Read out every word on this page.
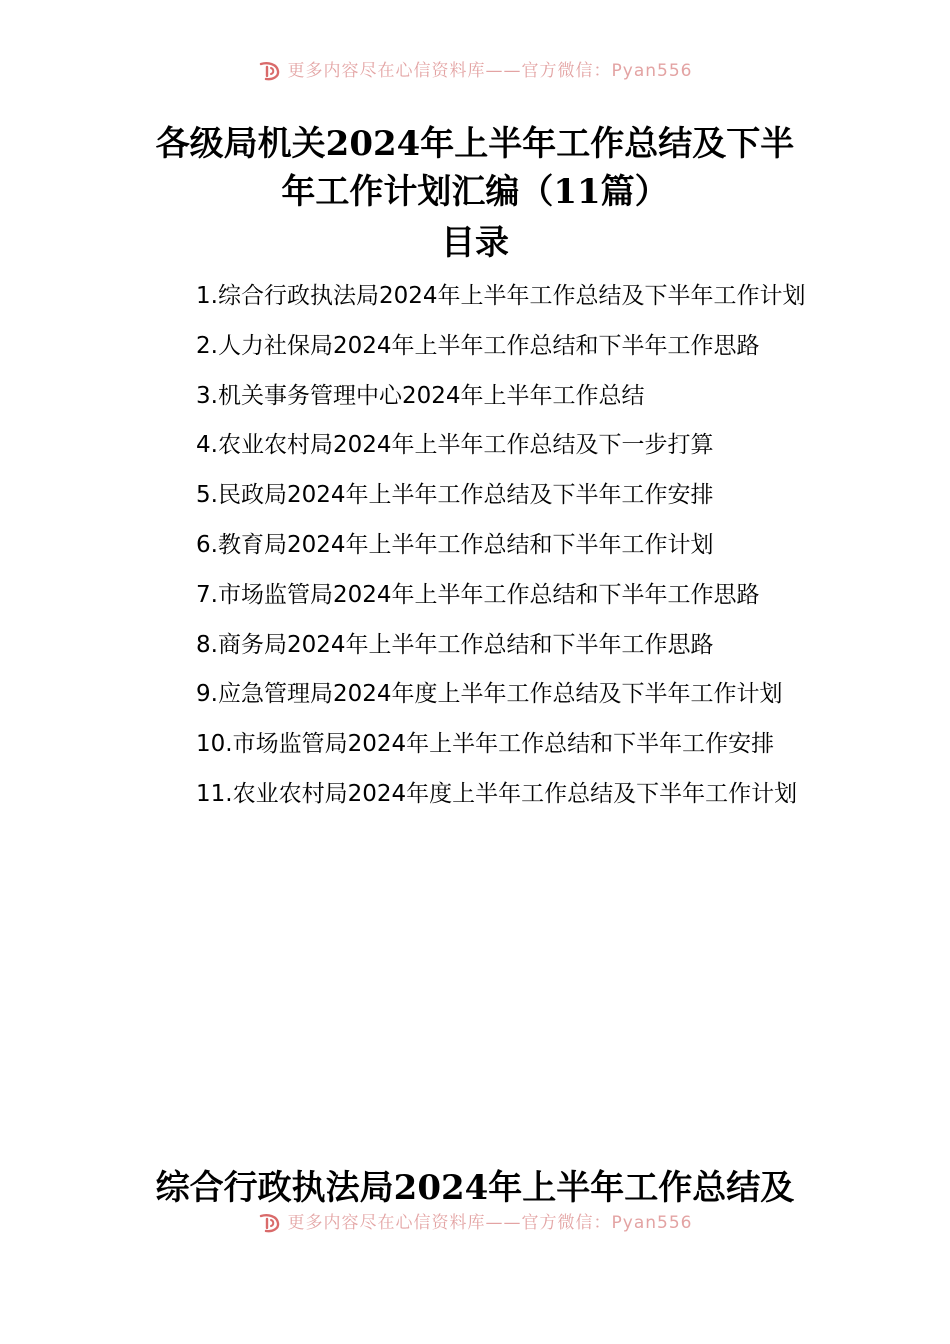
更多内容尽在心信资料库——官方微信：Pyan556
各级局机关2024年上半年工作总结及下半年工作计划汇编（11篇）
目录
1.综合行政执法局2024年上半年工作总结及下半年工作计划
2.人力社保局2024年上半年工作总结和下半年工作思路
3.机关事务管理中心2024年上半年工作总结
4.农业农村局2024年上半年工作总结及下一步打算
5.民政局2024年上半年工作总结及下半年工作安排
6.教育局2024年上半年工作总结和下半年工作计划
7.市场监管局2024年上半年工作总结和下半年工作思路
8.商务局2024年上半年工作总结和下半年工作思路
9.应急管理局2024年度上半年工作总结及下半年工作计划
10.市场监管局2024年上半年工作总结和下半年工作安排
11.农业农村局2024年度上半年工作总结及下半年工作计划
综合行政执法局2024年上半年工作总结及
更多内容尽在心信资料库——官方微信：Pyan556
